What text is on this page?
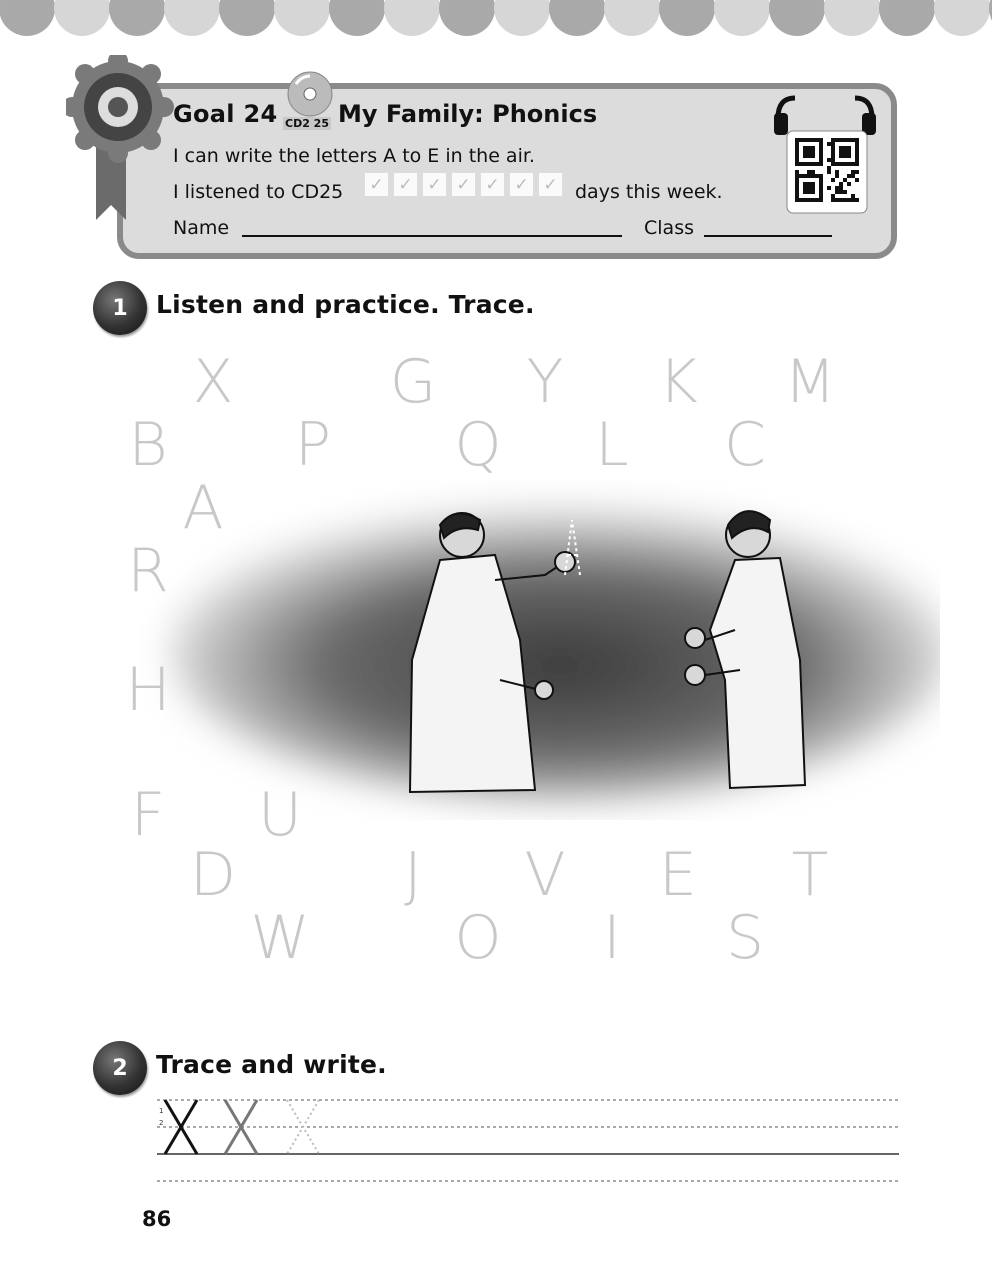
Goal 24 CD2 25 My Family: Phonics
I can write the letters A to E in the air.
I listened to CD25	✓ ✓ ✓ ✓ ✓ ✓ ✓ days this week.
Name	Class
1	Listen and practice. Trace.
X	G Y K M
B P Q L C
A
R
H
F U
D	J V E T
W O I S
2	Trace and write.
1
2
86
